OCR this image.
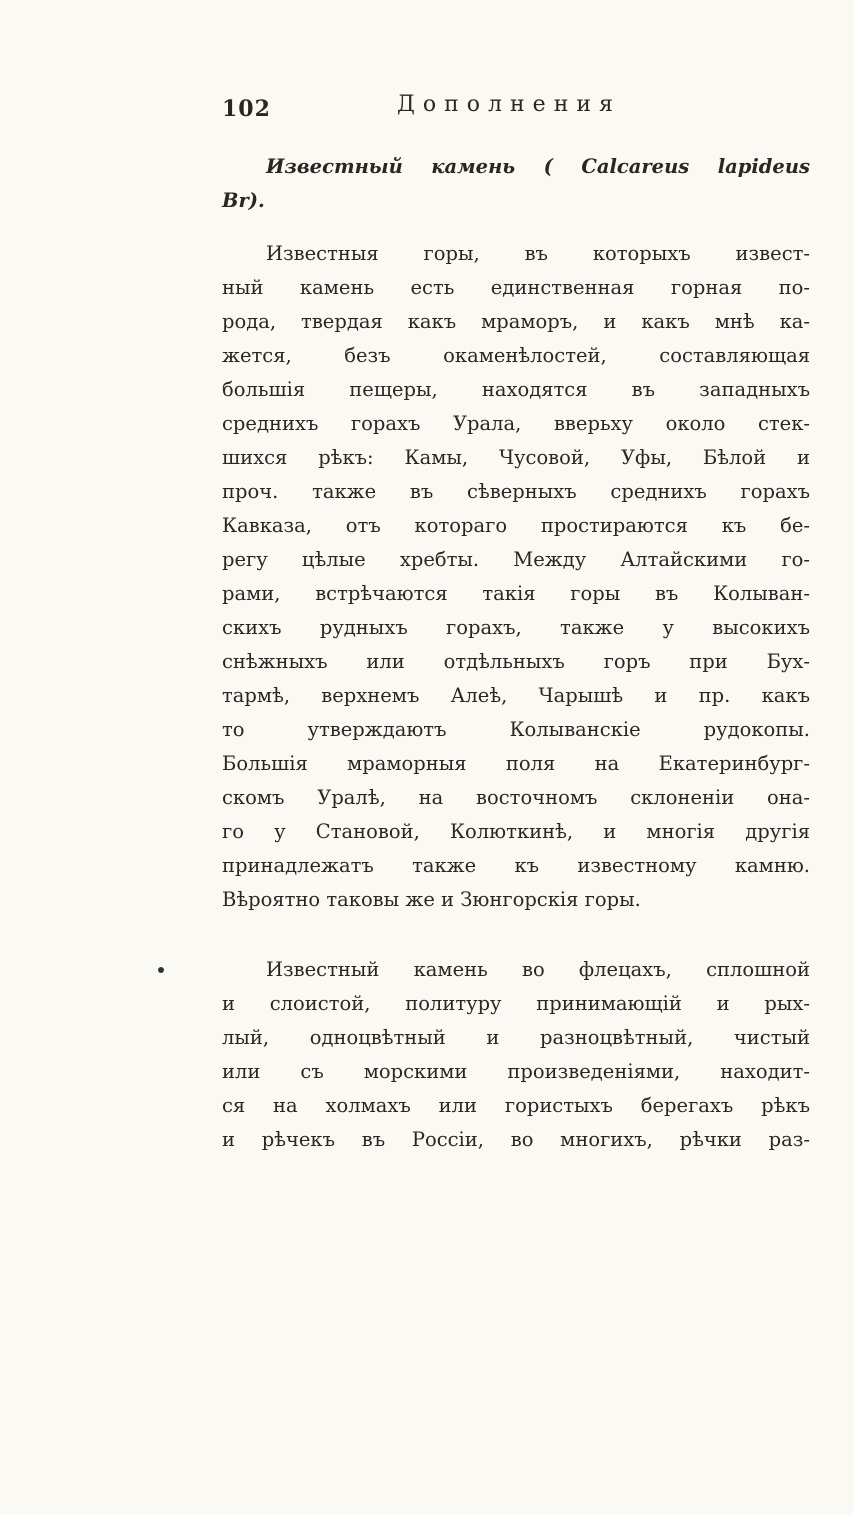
102	Дополнения
Известный камень ( Calcareus lapideus
Br).
Известныя горы, въ которыхъ извест-
ный камень есть единственная горная по-
рода, твердая какъ мраморъ, и какъ мнѣ ка-
жется, безъ окаменѣлостей, составляющая
большія пещеры, находятся въ западныхъ
среднихъ горахъ Урала, вверьху около стек-
шихся рѣкъ: Камы, Чусовой, Уфы, Бѣлой и
проч. также въ сѣверныхъ среднихъ горахъ
Кавказа, отъ котораго простираются къ бе-
регу цѣлые хребты. Между Алтайскими го-
рами, встрѣчаются такія горы въ Колыван-
скихъ рудныхъ горахъ, также у высокихъ
снѣжныхъ или отдѣльныхъ горъ при Бух-
тармѣ, верхнемъ Алеѣ, Чарышѣ и пр. какъ
то утверждаютъ Колыванскіе рудокопы.
Большія мраморныя поля на Екатеринбург-
скомъ Уралѣ, на восточномъ склоненіи она-
го у Становой, Колюткинѣ, и многія другія
принадлежатъ также къ известному камню.
Вѣроятно таковы же и Зюнгорскія горы.
Известный камень во флецахъ, сплошной
и слоистой, политуру принимающій и рых-
лый, одноцвѣтный и разноцвѣтный, чистый
или съ морскими произведеніями, находит-
ся на холмахъ или гористыхъ берегахъ рѣкъ
и рѣчекъ въ Россіи, во многихъ, рѣчки раз-
